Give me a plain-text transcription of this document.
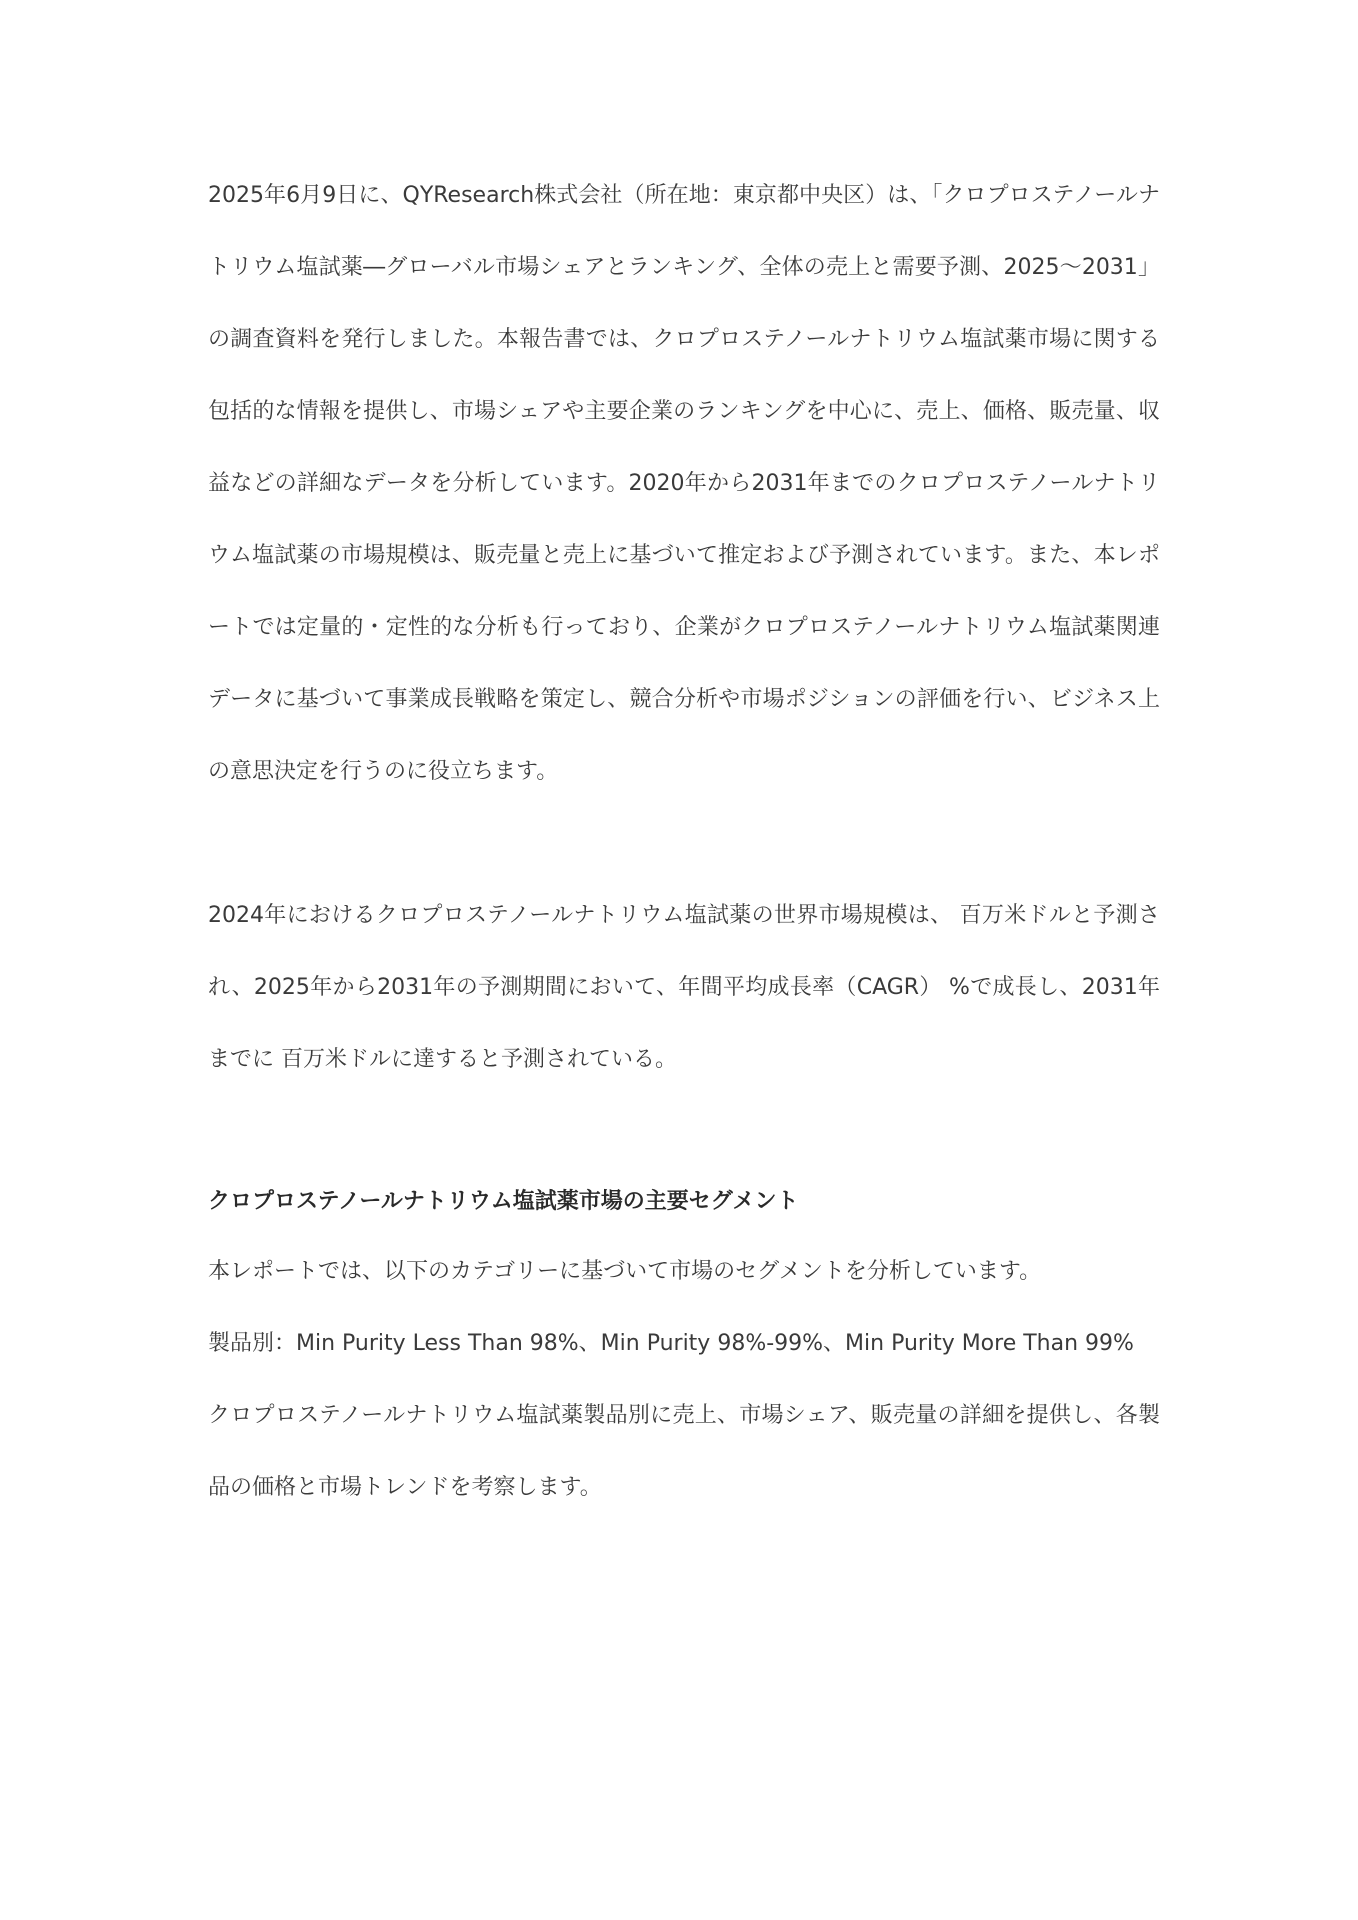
2025年6月9日に、QYResearch株式会社（所在地：東京都中央区）は、「クロプロステノールナトリウム塩試薬―グローバル市場シェアとランキング、全体の売上と需要予測、2025～2031」の調査資料を発行しました。本報告書では、クロプロステノールナトリウム塩試薬市場に関する包括的な情報を提供し、市場シェアや主要企業のランキングを中心に、売上、価格、販売量、収益などの詳細なデータを分析しています。2020年から2031年までのクロプロステノールナトリウム塩試薬の市場規模は、販売量と売上に基づいて推定および予測されています。また、本レポートでは定量的・定性的な分析も行っており、企業がクロプロステノールナトリウム塩試薬関連データに基づいて事業成長戦略を策定し、競合分析や市場ポジションの評価を行い、ビジネス上の意思決定を行うのに役立ちます。

2024年におけるクロプロステノールナトリウム塩試薬の世界市場規模は、 百万米ドルと予測され、2025年から2031年の予測期間において、年間平均成長率（CAGR） %で成長し、2031年までに 百万米ドルに達すると予測されている。

クロプロステノールナトリウム塩試薬市場の主要セグメント

本レポートでは、以下のカテゴリーに基づいて市場のセグメントを分析しています。

製品別：Min Purity Less Than 98%、Min Purity 98%-99%、Min Purity More Than 99%

クロプロステノールナトリウム塩試薬製品別に売上、市場シェア、販売量の詳細を提供し、各製品の価格と市場トレンドを考察します。
